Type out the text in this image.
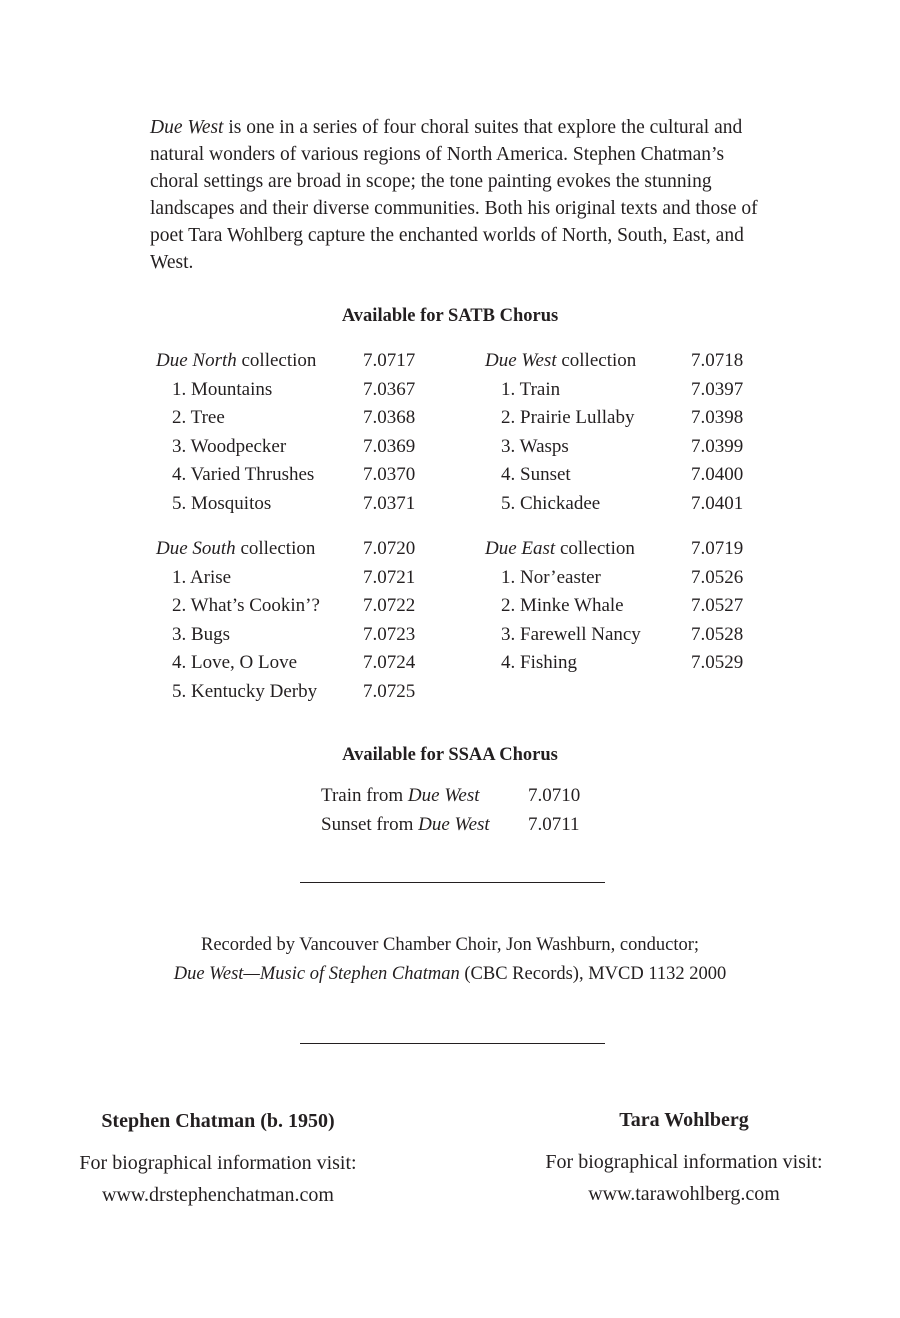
Due West is one in a series of four choral suites that explore the cultural and natural wonders of various regions of North America. Stephen Chatman’s choral settings are broad in scope; the tone painting evokes the stunning landscapes and their diverse communities. Both his original texts and those of poet Tara Wohlberg capture the enchanted worlds of North, South, East, and West.

Available for SATB Chorus
Due North collection 7.0717
1. Mountains	7.0367
2. Tree	7.0368
3. Woodpecker	7.0369
4. Varied Thrushes	7.0370
5. Mosquitos	7.0371
Due West collection	7.0718
1. Train	7.0397
2. Prairie Lullaby	7.0398
3. Wasps	7.0399
4. Sunset	7.0400
5. Chickadee	7.0401
Due South collection	7.0720
1. Arise	7.0721
2. What’s Cookin’? 7.0722
3. Bugs	7.0723
4. Love, O Love	7.0724
5. Kentucky Derby 7.0725
Due East collection	7.0719
1. Nor’easter	7.0526
2. Minke Whale	7.0527
3. Farewell Nancy	7.0528
4. Fishing	7.0529
Available for SSAA Chorus
Train from Due West	7.0710
Sunset from Due West 7.0711
Recorded by Vancouver Chamber Choir, Jon Washburn, conductor;
Due West—Music of Stephen Chatman (CBC Records), MVCD 1132 2000
Stephen Chatman (b. 1950)
For biographical information visit:
www.drstephenchatman.com
Tara Wohlberg
For biographical information visit:
www.tarawohlberg.com
